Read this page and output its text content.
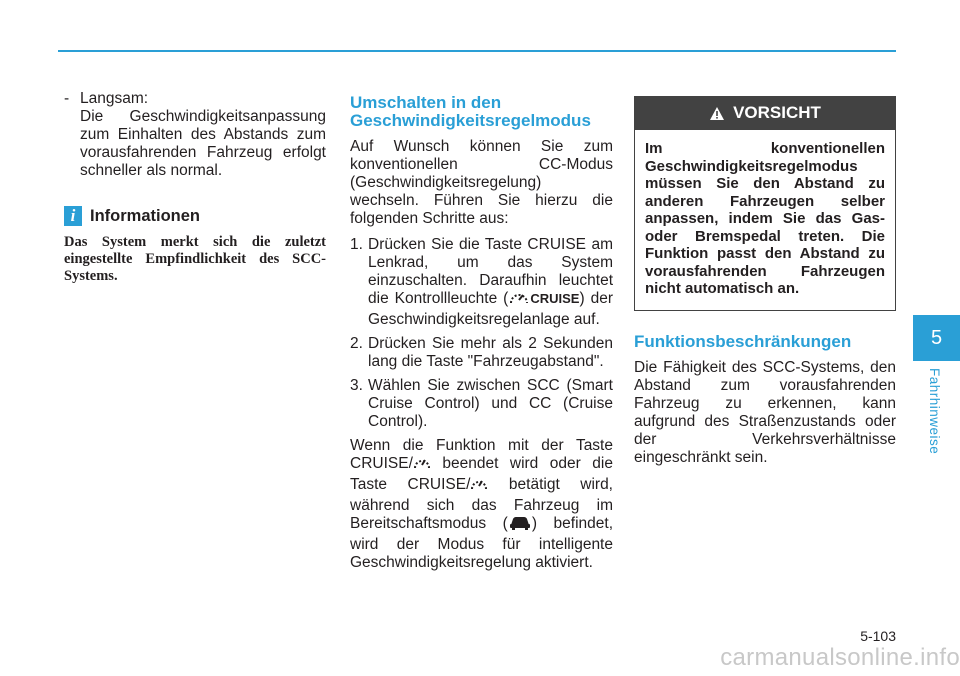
- Langsam:
Die Geschwindigkeitsanpassung zum Einhalten des Abstands zum vorausfahrenden Fahrzeug erfolgt schneller als normal.
i Informationen
Das System merkt sich die zuletzt eingestellte Empfindlichkeit des SCC-Systems.
Umschalten in den Geschwindigkeitsregelmodus
Auf Wunsch können Sie zum konventionellen CC-Modus (Geschwindigkeitsregelung) wechseln. Führen Sie hierzu die folgenden Schritte aus:
1. Drücken Sie die Taste CRUISE am Lenkrad, um das System einzuschalten. Daraufhin leuchtet die Kontrollleuchte ( CRUISE) der Geschwindigkeitsregelanlage auf.
2. Drücken Sie mehr als 2 Sekunden lang die Taste "Fahrzeugabstand".
3. Wählen Sie zwischen SCC (Smart Cruise Control) und CC (Cruise Control).
Wenn die Funktion mit der Taste CRUISE/ beendet wird oder die Taste CRUISE/ betätigt wird, während sich das Fahrzeug im Bereitschaftsmodus ( ) befindet, wird der Modus für intelligente Geschwindigkeitsregelung aktiviert.
VORSICHT
Im konventionellen Geschwindigkeitsregelmodus müssen Sie den Abstand zu anderen Fahrzeugen selber anpassen, indem Sie das Gas- oder Bremspedal treten. Die Funktion passt den Abstand zu vorausfahrenden Fahrzeugen nicht automatisch an.
Funktionsbeschränkungen
Die Fähigkeit des SCC-Systems, den Abstand zum vorausfahrenden Fahrzeug zu erkennen, kann aufgrund des Straßenzustands oder der Verkehrsverhältnisse eingeschränkt sein.
5
Fahrhinweise
5-103
carmanualsonline.info
